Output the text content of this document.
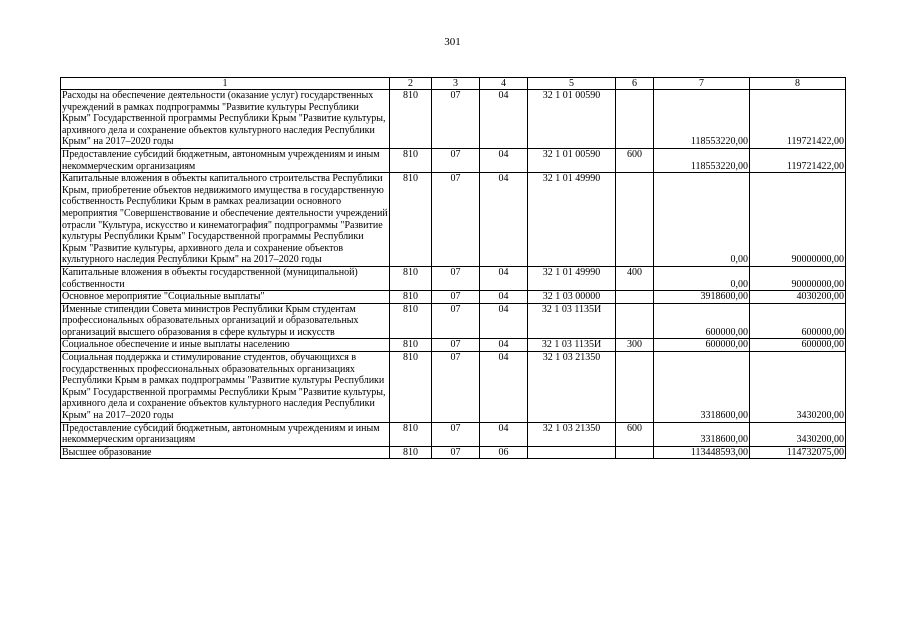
301
1	2	3	4	5	6	7	8
Расходы на обеспечение деятельности (оказание услуг) государственных учреждений в рамках подпрограммы "Развитие культуры Республики Крым" Государственной программы Республики Крым "Развитие культуры, архивного дела и сохранение объектов культурного наследия Республики Крым" на 2017–2020 годы	810	07	04	32 1 01 00590		118553220,00	119721422,00
Предоставление субсидий бюджетным, автономным учреждениям и иным некоммерческим организациям	810	07	04	32 1 01 00590	600	118553220,00	119721422,00
Капитальные вложения в объекты капитального строительства Республики Крым, приобретение объектов недвижимого имущества в государственную собственность Республики Крым в рамках реализации основного мероприятия "Совершенствование и обеспечение деятельности учреждений отрасли "Культура, искусство и кинематография" подпрограммы "Развитие культуры Республики Крым" Государственной программы Республики Крым "Развитие культуры, архивного дела и сохранение объектов культурного наследия Республики Крым" на 2017–2020 годы	810	07	04	32 1 01 49990		0,00	90000000,00
Капитальные вложения в объекты государственной (муниципальной) собственности	810	07	04	32 1 01 49990	400	0,00	90000000,00
Основное мероприятие "Социальные выплаты"	810	07	04	32 1 03 00000		3918600,00	4030200,00
Именные стипендии Совета министров Республики Крым студентам профессиональных образовательных организаций и образовательных организаций высшего образования в сфере культуры и искусств	810	07	04	32 1 03 1135И		600000,00	600000,00
Социальное обеспечение и иные выплаты населению	810	07	04	32 1 03 1135И	300	600000,00	600000,00
Социальная поддержка и стимулирование студентов, обучающихся в государственных профессиональных образовательных организациях Республики Крым в рамках подпрограммы "Развитие культуры Республики Крым" Государственной программы Республики Крым "Развитие культуры, архивного дела и сохранение объектов культурного наследия Республики Крым" на 2017–2020 годы	810	07	04	32 1 03 21350		3318600,00	3430200,00
Предоставление субсидий бюджетным, автономным учреждениям и иным некоммерческим организациям	810	07	04	32 1 03 21350	600	3318600,00	3430200,00
Высшее образование	810	07	06			113448593,00	114732075,00
